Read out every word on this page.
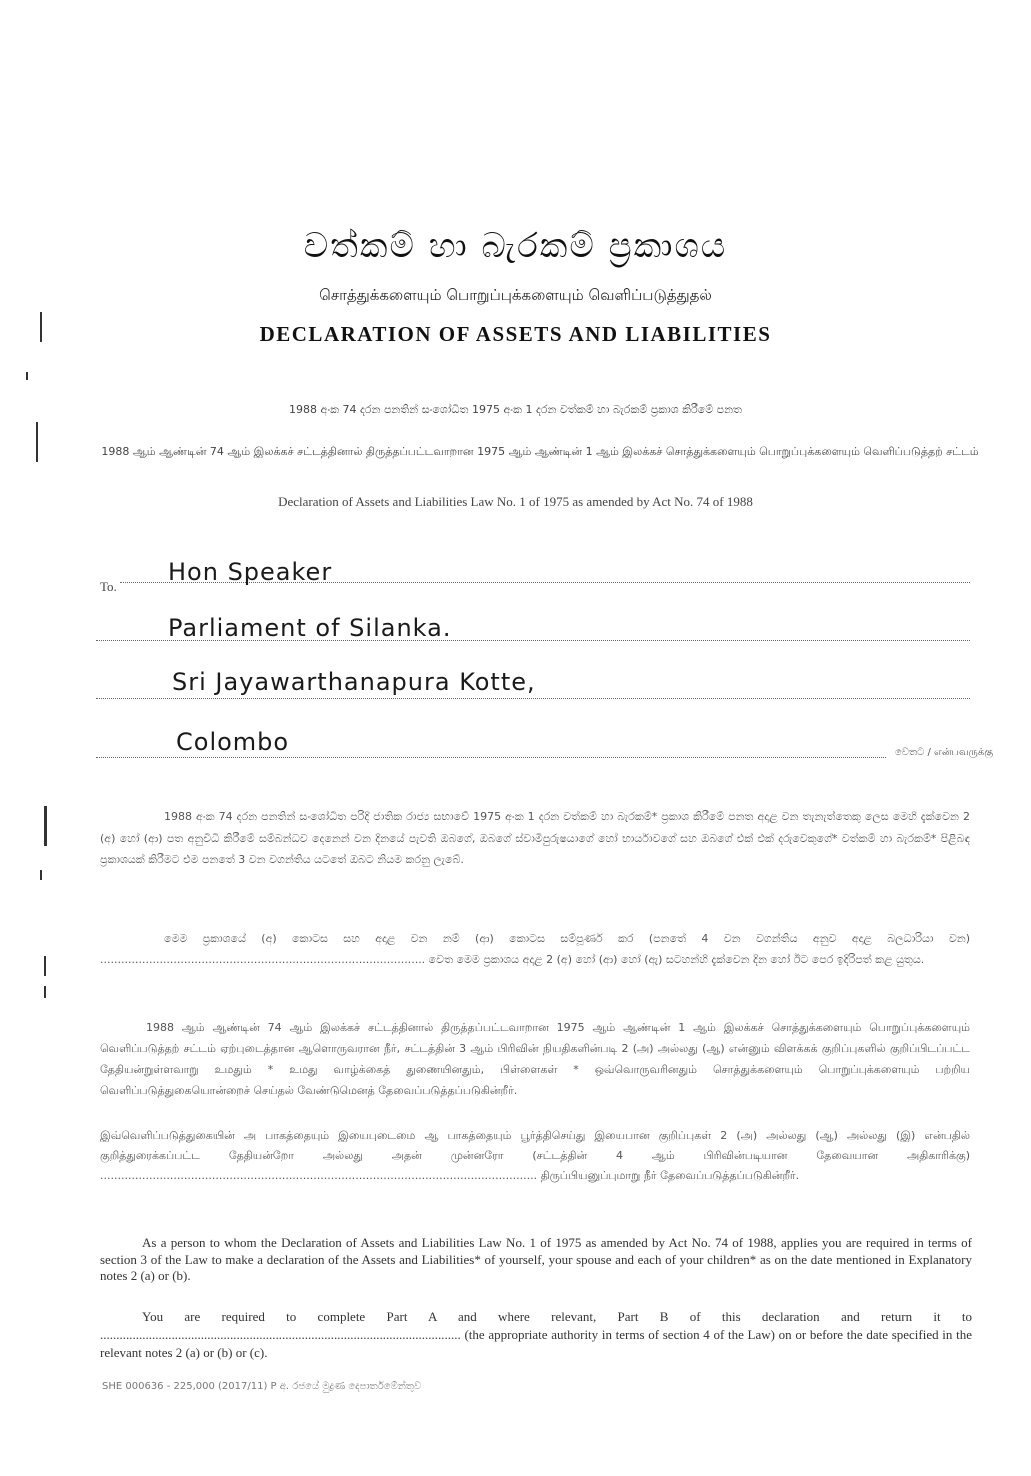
වත්කම් හා බැරකම් ප්‍රකාශය
சொத்துக்களையும் பொறுப்புக்களையும் வெளிப்படுத்துதல்
DECLARATION OF ASSETS AND LIABILITIES
1988 අංක 74 දරන පනතින් සංශෝධිත 1975 අංක 1 දරන වත්කම් හා බැරකම් ප්‍රකාශ කිරීමේ පනත
1988 ஆம் ஆண்டின் 74 ஆம் இலக்கச் சட்டத்தினால் திருத்தப்பட்டவாறான 1975 ஆம் ஆண்டின் 1 ஆம் இலக்கச் சொத்துக்களையும் பொறுப்புக்களையும் வெளிப்படுத்தற் சட்டம்
Declaration of Assets and Liabilities Law No. 1 of 1975 as amended by Act No. 74 of 1988
To.
Hon Speaker
Parliament of Silanka.
Sri Jayawarthanapura Kotte,
Colombo	වෙතට / என்பவருக்கு
1988 අංක 74 දරන පනතින් සංශෝධිත පරිදි ජාතික රාජ්‍ය සභාවේ 1975 අංක 1 දරන වත්කම් හා බැරකම්* ප්‍රකාශ කිරීමේ පනත අදාළ වන තැනැත්තෙකු ලෙස මෙහි දැක්වෙන 2 (අ) හෝ (ආ) පත අනුවිධි කිරීමේ සම්බන්ධව දෙනෙන් වන දිනයේ පැවති ඔබගේ, ඔබගේ ස්වාමිපුරුෂයාගේ හෝ භාර්යාවගේ සහ ඔබගේ එක් එක් දරුවෙකුගේ* වත්කම් හා බැරකම්* පිළිබඳ ප්‍රකාශයක් කිරීමට එම පනතේ 3 වන වගන්තිය යටතේ ඔබට නියම කරනු ලැබේ.
මෙම ප්‍රකාශයේ (අ) කොටස සහ අදාළ වන නම් (ආ) කොටස සම්පූර්ණ කර (පනතේ 4 වන වගන්තිය අනුව අදාළ බලධාරියා වන) ............................................................................................. වෙත මෙම ප්‍රකාශය අදාළ 2 (අ) හෝ (ආ) හෝ (ඇ) සටහන්හි දැක්වෙන දින හෝ ඊට පෙර ඉදිරිපත් කළ යුතුය.
1988 ஆம் ஆண்டின் 74 ஆம் இலக்கச் சட்டத்தினால் திருத்தப்பட்டவாறான 1975 ஆம் ஆண்டின் 1 ஆம் இலக்கச் சொத்துக்களையும் பொறுப்புக்களையும் வெளிப்படுத்தற் சட்டம் ஏற்புடைத்தான ஆளொருவரான நீர், சட்டத்தின் 3 ஆம் பிரிவின் நியதிகளின்படி 2 (அ) அல்லது (ஆ) என்னும் விளக்கக் குறிப்புகளில் குறிப்பிடப்பட்ட தேதியன்றுள்ளவாறு உமதும் * உமது வாழ்க்கைத் துணையினதும், பிள்ளைகள் * ஒவ்வொருவரினதும் சொத்துக்களையும் பொறுப்புக்களையும் பற்றிய வெளிப்படுத்துகையொன்றைச் செய்தல் வேண்டுமெனத் தேவைப்படுத்தப்படுகின்றீர்.
இவ்வெளிப்படுத்துகையின் அ பாகத்தையும் இயைபுடைமை ஆ பாகத்தையும் பூர்த்திசெய்து இயைபான குறிப்புகள் 2 (அ) அல்லது (ஆ) அல்லது (இ) என்பதில் குறித்துரைக்கப்பட்ட தேதியன்றோ அல்லது அதன் முன்னரோ (சட்டத்தின் 4 ஆம் பிரிவின்படியான தேவையான அதிகாரிக்கு) ............................................................................................................................. திருப்பியனுப்புமாறு நீர் தேவைப்படுத்தப்படுகின்றீர்.
As a person to whom the Declaration of Assets and Liabilities Law No. 1 of 1975 as amended by Act No. 74 of 1988, applies you are required in terms of section 3 of the Law to make a declaration of the Assets and Liabilities* of yourself, your spouse and each of your children* as on the date mentioned in Explanatory notes 2 (a) or (b).
You are required to complete Part A and where relevant, Part B of this declaration and return it to ............................................................................................................... (the appropriate authority in terms of section 4 of the Law) on or before the date specified in the relevant notes 2 (a) or (b) or (c).
SHE 000636 - 225,000 (2017/11) P අ. රජයේ මුද්‍රණ දෙපාර්තමේන්තුව
